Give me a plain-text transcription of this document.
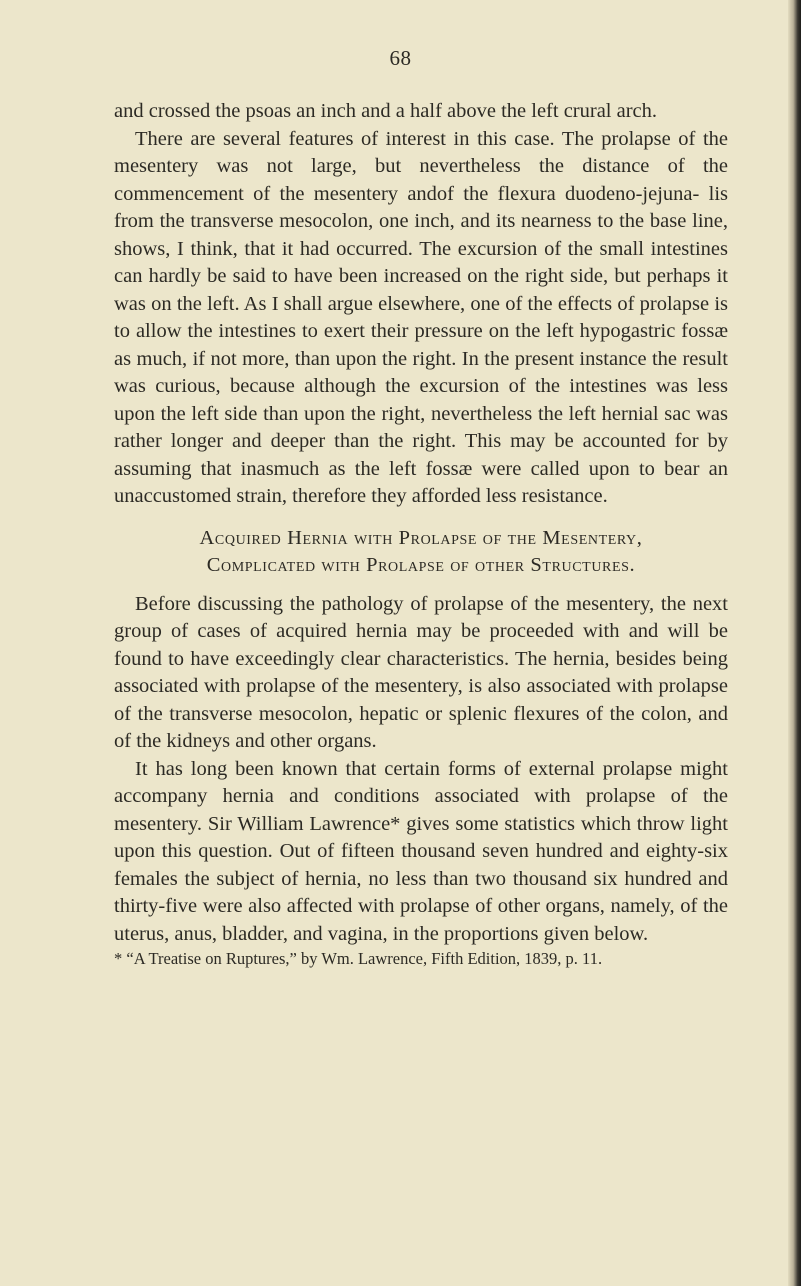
68

and crossed the psoas an inch and a half above the left crural arch.

There are several features of interest in this case. The prolapse of the mesentery was not large, but nevertheless the distance of the commencement of the mesentery andof the flexura duodeno-jejuna- lis from the transverse mesocolon, one inch, and its nearness to the base line, shows, I think, that it had occurred. The excursion of the small intestines can hardly be said to have been increased on the right side, but perhaps it was on the left. As I shall argue elsewhere, one of the effects of prolapse is to allow the intestines to exert their pressure on the left hypogastric fossæ as much, if not more, than upon the right. In the present instance the result was curious, because although the excursion of the intestines was less upon the left side than upon the right, nevertheless the left hernial sac was rather longer and deeper than the right. This may be accounted for by assuming that inasmuch as the left fossæ were called upon to bear an unaccustomed strain, therefore they afforded less resistance.

Acquired Hernia with Prolapse of the Mesentery,
Complicated with Prolapse of other Structures.

Before discussing the pathology of prolapse of the mesentery, the next group of cases of acquired hernia may be proceeded with and will be found to have exceedingly clear characteristics. The hernia, besides being associated with prolapse of the mesentery, is also associated with prolapse of the transverse mesocolon, hepatic or splenic flexures of the colon, and of the kidneys and other organs.

It has long been known that certain forms of external prolapse might accompany hernia and conditions associated with prolapse of the mesentery. Sir William Lawrence* gives some statistics which throw light upon this question. Out of fifteen thousand seven hundred and eighty-six females the subject of hernia, no less than two thousand six hundred and thirty-five were also affected with prolapse of other organs, namely, of the uterus, anus, bladder, and vagina, in the proportions given below.

* “A Treatise on Ruptures,” by Wm. Lawrence, Fifth Edition, 1839, p. 11.
